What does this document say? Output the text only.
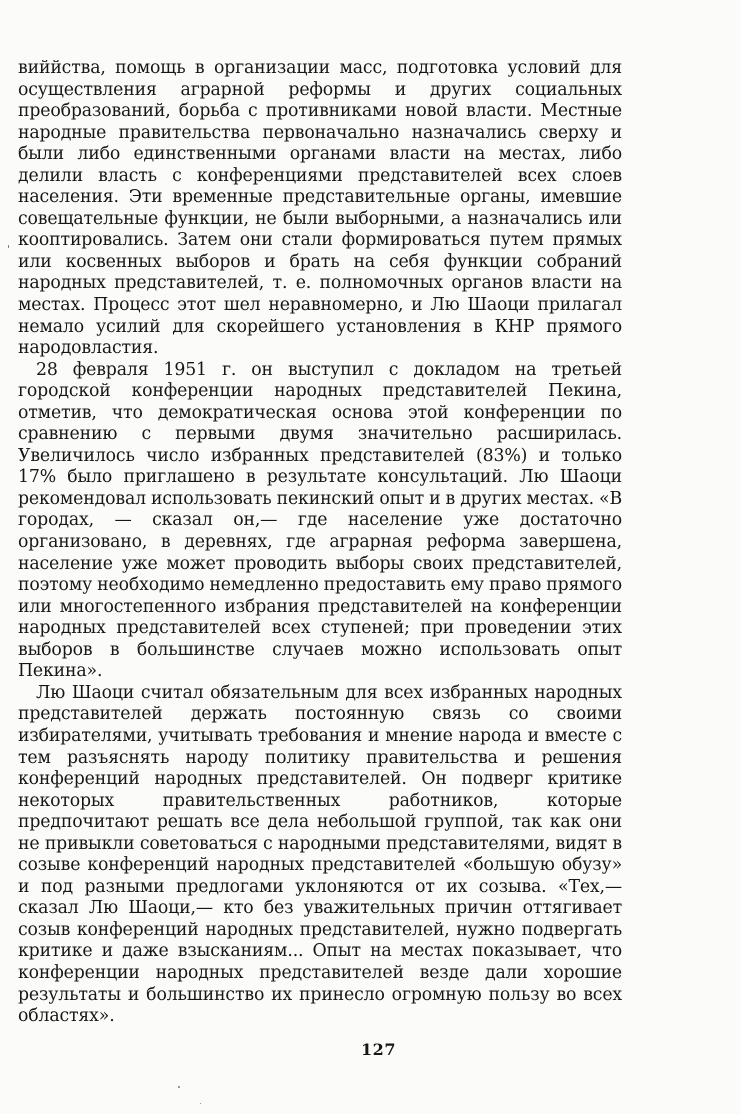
виййства, помощь в организации масс, подготовка условий для осуществления аграрной реформы и других социальных преобразований, борьба с противниками новой власти. Местные народные правительства первоначально назначались сверху и были либо единственными органами власти на местах, либо делили власть с конференциями представителей всех слоев населения. Эти временные представительные органы, имевшие совещательные функции, не были выборными, а назначались или кооптировались. Затем они стали формироваться путем прямых или косвенных выборов и брать на себя функции собраний народных представителей, т. е. полномочных органов власти на местах. Процесс этот шел неравномерно, и Лю Шаоци прилагал немало усилий для скорейшего установления в КНР прямого народовластия.

28 февраля 1951 г. он выступил с докладом на третьей городской конференции народных представителей Пекина, отметив, что демократическая основа этой конференции по сравнению с первыми двумя значительно расширилась. Увеличилось число избранных представителей (83%) и только 17% было приглашено в результате консультаций. Лю Шаоци рекомендовал использовать пекинский опыт и в других местах. «В городах, — сказал он,— где население уже достаточно организовано, в деревнях, где аграрная реформа завершена, население уже может проводить выборы своих представителей, поэтому необходимо немедленно предоставить ему право прямого или многостепенного избрания представителей на конференции народных представителей всех ступеней; при проведении этих выборов в большинстве случаев можно использовать опыт Пекина».

Лю Шаоци считал обязательным для всех избранных народных представителей держать постоянную связь со своими избирателями, учитывать требования и мнение народа и вместе с тем разъяснять народу политику правительства и решения конференций народных представителей. Он подверг критике некоторых правительственных работников, которые предпочитают решать все дела небольшой группой, так как они не привыкли советоваться с народными представителями, видят в созыве конференций народных представителей «большую обузу» и под разными предлогами уклоняются от их созыва. «Тех,— сказал Лю Шаоци,— кто без уважительных причин оттягивает созыв конференций народных представителей, нужно подвергать критике и даже взысканиям... Опыт на местах показывает, что конференции народных представителей везде дали хорошие результаты и большинство их принесло огромную пользу во всех областях».

127
